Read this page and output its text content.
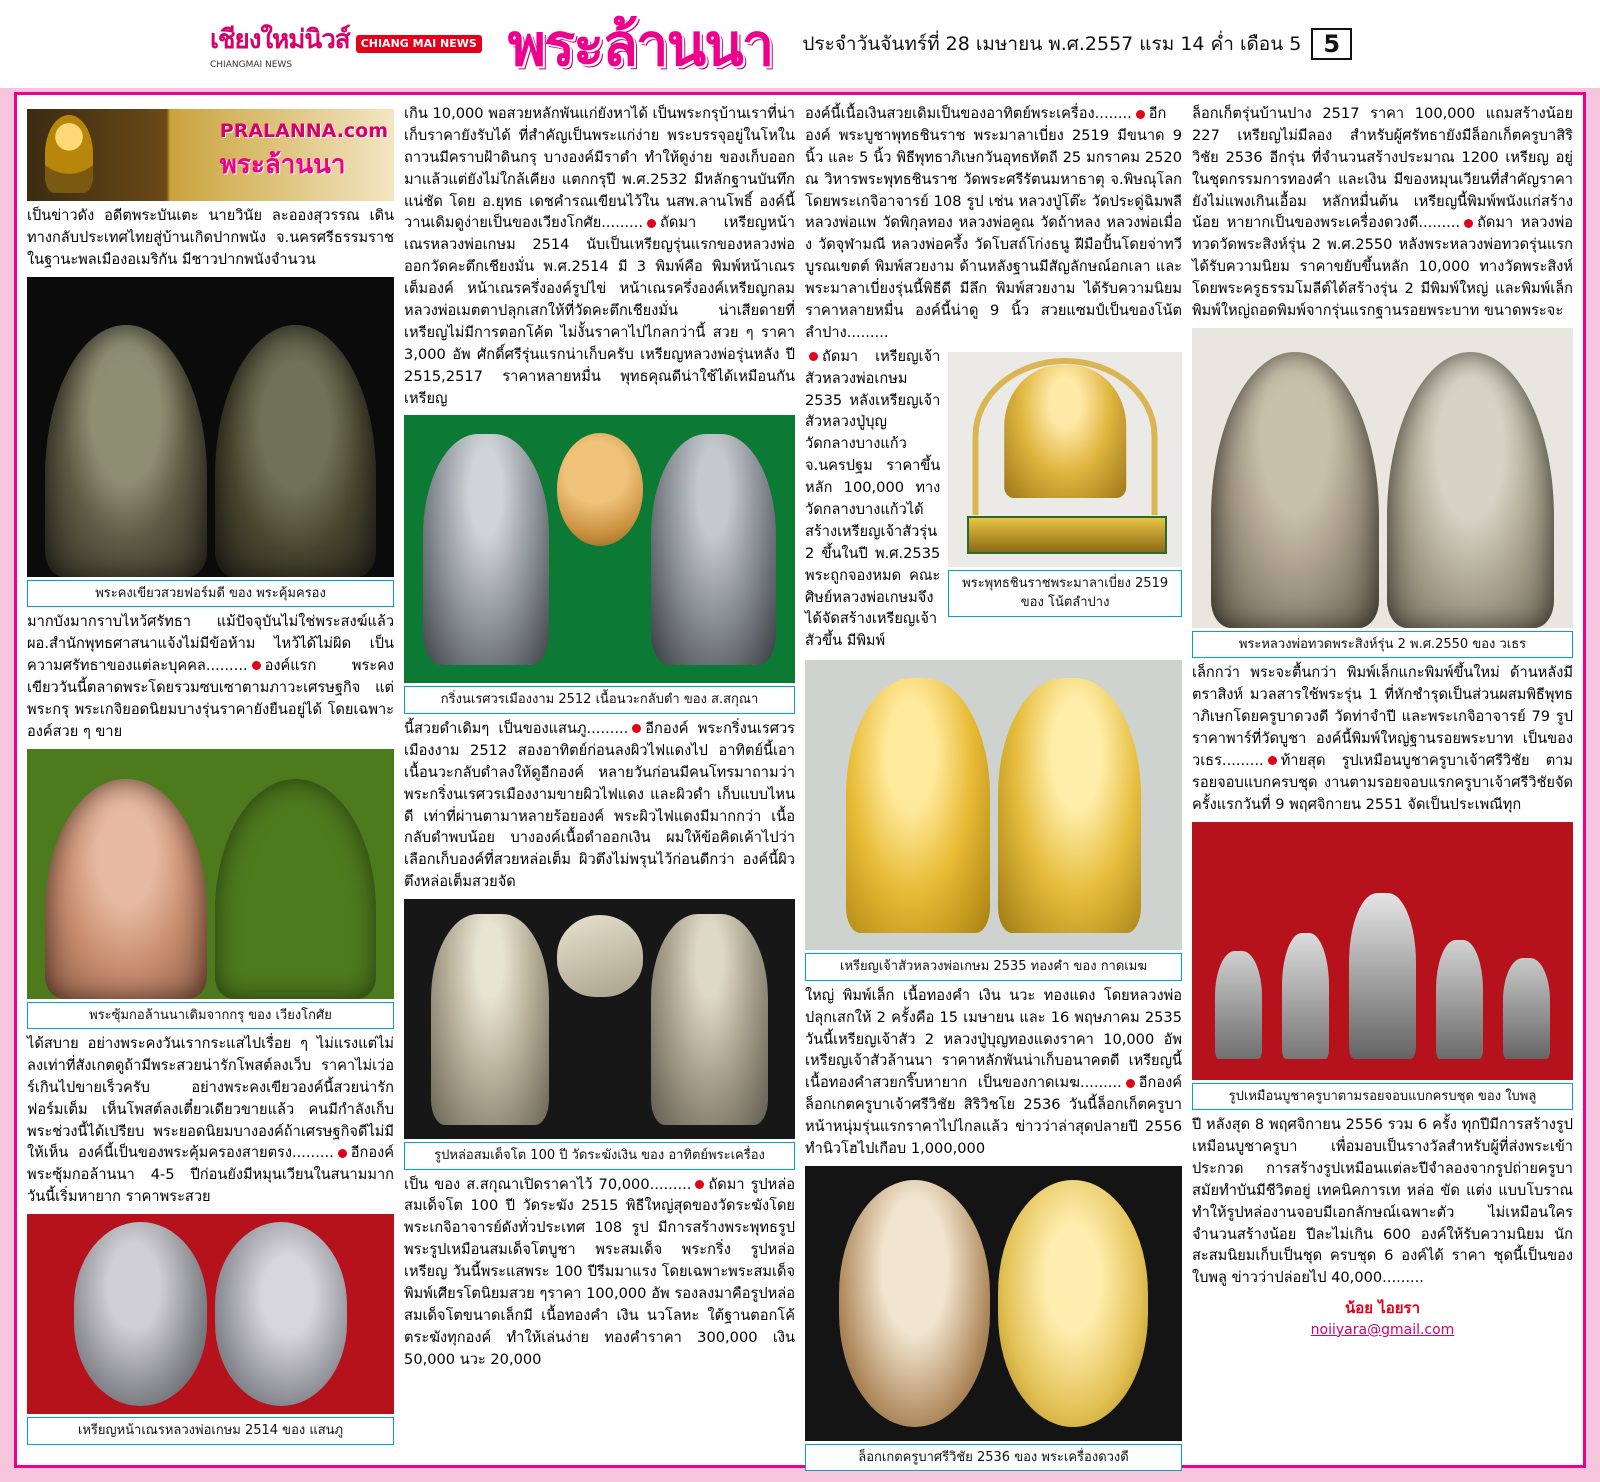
เชียงใหม่นิวส์
CHIANGMAI NEWS
CHIANG MAI NEWS พระล้านนา ประจำวันจันทร์ที่ 28 เมษายน พ.ศ.2557 แรม 14 ค่ำ เดือน 5 5
PRALANNA.com
พระล้านนา

เป็นข่าวดัง อดีตพระบันเตะ นายวินัย ละอองสุวรรณ เดินทางกลับประเทศไทยสู่บ้านเกิดปากพนัง จ.นครศรีธรรมราช ในฐานะพลเมืองอเมริกัน มีชาวปากพนังจำนวน

พระคงเขียวสวยฟอร์มดี ของ พระคุ้มครอง

มากบังมากราบไหว้ศรัทธา แม้ปัจจุบันไม่ใช่พระสงฆ์แล้ว ผอ.สำนักพุทธศาสนาแจ้งไม่มีข้อห้าม ไหว้ได้ไม่ผิด เป็นความศรัทธาของแต่ละบุคคล......... องค์แรก พระคงเขียววันนี้ตลาดพระโดยรวมซบเซาตามภาวะเศรษฐกิจ แต่พระกรุ พระเกจิยอดนิยมบางรุ่นราคายังยืนอยู่ได้ โดยเฉพาะองค์สวย ๆ ขาย

พระซุ้มกอล้านนาเดิมจากกรุ ของ เวียงโกศัย

ได้สบาย อย่างพระคงวันเรากระแสไปเรื่อย ๆ ไม่แรงแต่ไม่ลงเท่าที่สังเกตดูถ้ามีพระสวยน่ารักโพสต์ลงเว็บ ราคาไม่เว่อร์เกินไปขายเร็วครับ อย่างพระคงเขียวองค์นี้สวยน่ารัก ฟอร์มเต็ม เห็นโพสต์ลงเตี๋ยวเดียวขายแล้ว คนมีกำลังเก็บพระช่วงนี้ได้เปรียบ พระยอดนิยมบางองค์ถ้าเศรษฐกิจดีไม่มีให้เห็น องค์นี้เป็นของพระคุ้มครองสายตรง......... อีกองค์ พระซุ้มกอล้านนา 4-5 ปีก่อนยังมีหมุนเวียนในสนามมาก วันนี้เริ่มหายาก ราคาพระสวย

เหรียญหน้าเณรหลวงพ่อเกษม 2514 ของ แสนภู

เกิน 10,000 พอสวยหลักพันแก่ยังหาได้ เป็นพระกรุบ้านเราที่น่าเก็บราคายังรับได้ ที่สำคัญเป็นพระแก่ง่าย พระบรรจุอยู่ในโหในถาวนมีคราบฝ้าดินกรุ บางองค์มีราดำ ทำให้ดูง่าย ของเก็บออกมาแล้วแต่ยังไม่ใกล้เคียง แตกกรุปี พ.ศ.2532 มีหลักฐานบันทึกแน่ชัด โดย อ.ยุทธ เดชคำรณเขียนไว้ใน นสพ.ลานโพธิ์ องค์นี้วานเดิมดูง่ายเป็นของเวียงโกศัย......... ถัดมา เหรียญหน้าเณรหลวงพ่อเกษม 2514 นับเป็นเหรียญรุ่นแรกของหลวงพ่อ ออกวัดคะตึกเชียงมั่น พ.ศ.2514 มี 3 พิมพ์คือ พิมพ์หน้าเณรเต็มองค์ หน้าเณรครึ่งองค์รูปไข่ หน้าเณรครึ่งองค์เหรียญกลม หลวงพ่อเมตตาปลุกเสกให้ที่วัดคะตึกเชียงมั่น น่าเสียดายที่เหรียญไม่มีการตอกโค้ต ไม่งั้นราคาไปไกลกว่านี้ สวย ๆ ราคา 3,000 อัพ ศักดิ์ศรีรุ่นแรกน่าเก็บครับ เหรียญหลวงพ่อรุ่นหลัง ปี 2515,2517 ราคาหลายหมื่น พุทธคุณดีน่าใช้ได้เหมือนกัน เหรียญ

กริ่งนเรศวรเมืองงาม 2512 เนื้อนวะกลับดำ ของ ส.สกุณา

นี้สวยดำเดิมๆ เป็นของแสนภู......... อีกองค์ พระกริ่งนเรศวรเมืองงาม 2512 สองอาทิตย์ก่อนลงผิวไฟแดงไป อาทิตย์นี้เอาเนื้อนวะกลับดำลงให้ดูอีกองค์ หลายวันก่อนมีคนโทรมาถามว่าพระกริ่งนเรศวรเมืองงามขายผิวไฟแดง และผิวดำ เก็บแบบไหนดี เท่าที่ผ่านตามาหลายร้อยองค์ พระผิวไฟแดงมีมากกว่า เนื้อกลับดำพบน้อย บางองค์เนื้อดำออกเงิน ผมให้ข้อคิดเค้าไปว่าเลือกเก็บองค์ที่สวยหล่อเต็ม ผิวตึงไม่พรุนไว้ก่อนดีกว่า องค์นี้ผิวตึงหล่อเต็มสวยจัด

รูปหล่อสมเด็จโต 100 ปี วัดระฆังเงิน ของ อาทิตย์พระเครื่อง

เป็น ของ ส.สกุณาเปิดราคาไว้ 70,000......... ถัดมา รูปหล่อสมเด็จโต 100 ปี วัดระฆัง 2515 พิธีใหญ่สุดของวัดระฆังโดยพระเกจิอาจารย์ดังทั่วประเทศ 108 รูป มีการสร้างพระพุทธรูป พระรูปเหมือนสมเด็จโตบูชา พระสมเด็จ พระกริ่ง รูปหล่อ เหรียญ วันนี้พระแสพระ 100 ปีรีมมาแรง โดยเฉพาะพระสมเด็จพิมพ์เศียรโตนิยมสวย ๆราคา 100,000 อัพ รองลงมาคือรูปหล่อสมเด็จโตขนาดเล็กมี เนื้อทองคำ เงิน นวโลหะ ใต้ฐานตอกโค้ตระฆังทุกองค์ ทำให้เล่นง่าย ทองคำราคา 300,000 เงิน 50,000 นวะ 20,000

องค์นี้เนื้อเงินสวยเดิมเป็นของอาทิตย์พระเครื่อง........ อีกองค์ พระบูชาพุทธชินราช พระมาลาเบี่ยง 2519 มีขนาด 9 นิ้ว และ 5 นิ้ว พิธีพุทธาภิเษกวันอุทธหัตถี 25 มกราคม 2520 ณ วิหารพระพุทธชินราช วัดพระศรีรัตนมหาธาตุ จ.พิษณุโลก โดยพระเกจิอาจารย์ 108 รูป เช่น หลวงปู่โต๊ะ วัดประดู่ฉิมพลี หลวงพ่อแพ วัดพิกุลทอง หลวงพ่อคูณ วัดถ้าหลง หลวงพ่อเมื่อง วัดจุฬามณี หลวงพ่อครึ้ง วัดโบสถ์โก่งธนู ฝีมือปั้นโดยจ่าทวี บูรณเขตต์ พิมพ์สวยงาม ด้านหลังฐานมีสัญลักษณ์อกเลา และพระมาลาเบี่ยงรุ่นนี้พิธีดี มีลึก พิมพ์สวยงาม ได้รับความนิยม ราคาหลายหมื่น องค์นี้น่าดู 9 นิ้ว สวยแซมป์เป็นของโน้ต ลำปาง.........

พระพุทธชินราชพระมาลาเบี่ยง 2519 ของ โน้ตลำปาง

ถัดมา เหรียญเจ้าสัวหลวงพ่อเกษม 2535 หลังเหรียญเจ้าสัวหลวงปู่บุญ วัดกลางบางแก้ว จ.นครปฐม ราคาขึ้นหลัก 100,000 ทางวัดกลางบางแก้วได้สร้างเหรียญเจ้าสัวรุ่น 2 ขึ้นในปี พ.ศ.2535 พระถูกจองหมด คณะศิษย์หลวงพ่อเกษมจึงได้จัดสร้างเหรียญเจ้าสัวขึ้น มีพิมพ์

เหรียญเจ้าสัวหลวงพ่อเกษม 2535 ทองคำ ของ กาดเมฆ

ใหญ่ พิมพ์เล็ก เนื้อทองคำ เงิน นวะ ทองแดง โดยหลวงพ่อปลุกเสกให้ 2 ครั้งคือ 15 เมษายน และ 16 พฤษภาคม 2535 วันนี้เหรียญเจ้าสัว 2 หลวงปู่บุญทองแดงราคา 10,000 อัพ เหรียญเจ้าสัวล้านนา ราคาหลักพันน่าเก็บอนาคตดี เหรียญนี้เนื้อทองคำสวยกริ๊บหายาก เป็นของกาดเมฆ......... อีกองค์ ล็อกเกตครูบาเจ้าศรีวิชัย สิริวิชโย 2536 วันนี้ล็อกเก็ตครูบาหน้าหนุ่มรุ่นแรกราคาไปไกลแล้ว ข่าวว่าล่าสุดปลายปี 2556 ทำนิวโฮไปเกือบ 1,000,000

ล็อกเกตครูบาศรีวิชัย 2536 ของ พระเครื่องดวงดี

ล็อกเก็ตรุ่นบ้านปาง 2517 ราคา 100,000 แถมสร้างน้อย 227 เหรียญไม่มีลอง สำหรับผู้ศรัทธายังมีล็อกเก็ตครูบาสิริวิชัย 2536 อีกรุ่น ที่จำนวนสร้างประมาณ 1200 เหรียญ อยู่ในชุดกรรมการทองคำ และเงิน มีของหมุนเวียนที่สำคัญราคายังไม่แพงเกินเอื้อม หลักหมื่นต้น เหรียญนี้พิมพ์พนังแก่สร้างน้อย หายากเป็นของพระเครื่องดวงดี......... ถัดมา หลวงพ่อทวดวัดพระสิงห์รุ่น 2 พ.ศ.2550 หลังพระหลวงพ่อทวดรุ่นแรกได้รับความนิยม ราคาขยับขึ้นหลัก 10,000 ทางวัดพระสิงห์โดยพระครูธรรมโมลีต์ได้สร้างรุ่น 2 มีพิมพ์ใหญ่ และพิมพ์เล็ก พิมพ์ใหญ่ถอดพิมพ์จากรุ่นแรกฐานรอยพระบาท ขนาดพระจะ

พระหลวงพ่อทวดพระสิงห์รุ่น 2 พ.ศ.2550 ของ วเธร

เล็กกว่า พระจะตื้นกว่า พิมพ์เล็กแกะพิมพ์ขึ้นใหม่ ด้านหลังมีตราสิงห์ มวลสารใช้พระรุ่น 1 ที่หักชำรุดเป็นส่วนผสมพิธีพุทธาภิเษกโดยครูบาดวงดี วัดท่าจำปี และพระเกจิอาจารย์ 79 รูป ราคาพาร์ที่วัดบูชา องค์นี้พิมพ์ใหญ่ฐานรอยพระบาท เป็นของวเธร......... ท้ายสุด รูปเหมือนบูชาครูบาเจ้าศรีวิชัย ตามรอยจอบแบกครบชุด งานตามรอยจอบแรกครูบาเจ้าศรีวิชัยจัดครั้งแรกวันที่ 9 พฤศจิกายน 2551 จัดเป็นประเพณีทุก

รูปเหมือนบูชาครูบาตามรอยจอบแบกครบชุด ของ ใบพลู

ปี หลังสุด 8 พฤศจิกายน 2556 รวม 6 ครั้ง ทุกปีมีการสร้างรูปเหมือนบูชาครูบา เพื่อมอบเป็นรางวัลสำหรับผู้ที่ส่งพระเข้าประกวด การสร้างรูปเหมือนแต่ละปีจำลองจากรูปถ่ายครูบาสมัยทำบันมีชีวิตอยู่ เทคนิคการเท หล่อ ขัด แต่ง แบบโบราณ ทำให้รูปหล่องานจอบมีเอกลักษณ์เฉพาะตัว ไม่เหมือนใคร จำนวนสร้างน้อย ปีละไม่เกิน 600 องค์ให้รับความนิยม นักสะสมนิยมเก็บเป็นชุด ครบชุด 6 องค์ได้ ราคา ชุดนี้เป็นของใบพลู ข่าวว่าปล่อยไป 40,000.........

น้อย ไอยรา
noiiyara@gmail.com
